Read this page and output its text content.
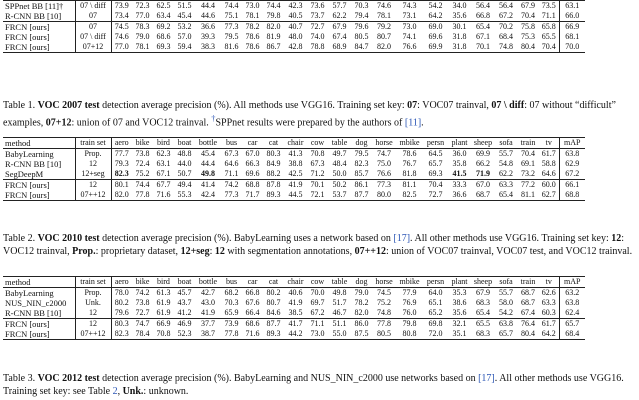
SPPnet BB [11]†	07 \ diff	73.9	72.3	62.5	51.5	44.4	74.4	73.0	74.4	42.3	73.6	57.7	70.3	74.6	74.3	54.2	34.0	56.4	56.4	67.9	73.5	63.1
R-CNN BB [10]	07	73.4	77.0	63.4	45.4	44.6	75.1	78.1	79.8	40.5	73.7	62.2	79.4	78.1	73.1	64.2	35.6	66.8	67.2	70.4	71.1	66.0
FRCN [ours]	07	74.5	78.3	69.2	53.2	36.6	77.3	78.2	82.0	40.7	72.7	67.9	79.6	79.2	73.0	69.0	30.1	65.4	70.2	75.8	65.8	66.9
FRCN [ours]	07 \ diff	74.6	79.0	68.6	57.0	39.3	79.5	78.6	81.9	48.0	74.0	67.4	80.5	80.7	74.1	69.6	31.8	67.1	68.4	75.3	65.5	68.1
FRCN [ours]	07+12	77.0	78.1	69.3	59.4	38.3	81.6	78.6	86.7	42.8	78.8	68.9	84.7	82.0	76.6	69.9	31.8	70.1	74.8	80.4	70.4	70.0

Table 1. VOC 2007 test detection average precision (%). All methods use VGG16. Training set key: 07: VOC07 trainval, 07 \ diff: 07 without “difficult” examples, 07+12: union of 07 and VOC12 trainval. †SPPnet results were prepared by the authors of [11].

method	train set	aero	bike	bird	boat	bottle	bus	car	cat	chair	cow	table	dog	horse	mbike	persn	plant	sheep	sofa	train	tv	mAP
BabyLearning	Prop.	77.7	73.8	62.3	48.8	45.4	67.3	67.0	80.3	41.3	70.8	49.7	79.5	74.7	78.6	64.5	36.0	69.9	55.7	70.4	61.7	63.8
R-CNN BB [10]	12	79.3	72.4	63.1	44.0	44.4	64.6	66.3	84.9	38.8	67.3	48.4	82.3	75.0	76.7	65.7	35.8	66.2	54.8	69.1	58.8	62.9
SegDeepM	12+seg	82.3	75.2	67.1	50.7	49.8	71.1	69.6	88.2	42.5	71.2	50.0	85.7	76.6	81.8	69.3	41.5	71.9	62.2	73.2	64.6	67.2
FRCN [ours]	12	80.1	74.4	67.7	49.4	41.4	74.2	68.8	87.8	41.9	70.1	50.2	86.1	77.3	81.1	70.4	33.3	67.0	63.3	77.2	60.0	66.1
FRCN [ours]	07++12	82.0	77.8	71.6	55.3	42.4	77.3	71.7	89.3	44.5	72.1	53.7	87.7	80.0	82.5	72.7	36.6	68.7	65.4	81.1	62.7	68.8

Table 2. VOC 2010 test detection average precision (%). BabyLearning uses a network based on [17]. All other methods use VGG16. Training set key: 12: VOC12 trainval, Prop.: proprietary dataset, 12+seg: 12 with segmentation annotations, 07++12: union of VOC07 trainval, VOC07 test, and VOC12 trainval.

method	train set	aero	bike	bird	boat	bottle	bus	car	cat	chair	cow	table	dog	horse	mbike	persn	plant	sheep	sofa	train	tv	mAP
BabyLearning	Prop.	78.0	74.2	61.3	45.7	42.7	68.2	66.8	80.2	40.6	70.0	49.8	79.0	74.5	77.9	64.0	35.3	67.9	55.7	68.7	62.6	63.2
NUS_NIN_c2000	Unk.	80.2	73.8	61.9	43.7	43.0	70.3	67.6	80.7	41.9	69.7	51.7	78.2	75.2	76.9	65.1	38.6	68.3	58.0	68.7	63.3	63.8
R-CNN BB [10]	12	79.6	72.7	61.9	41.2	41.9	65.9	66.4	84.6	38.5	67.2	46.7	82.0	74.8	76.0	65.2	35.6	65.4	54.2	67.4	60.3	62.4
FRCN [ours]	12	80.3	74.7	66.9	46.9	37.7	73.9	68.6	87.7	41.7	71.1	51.1	86.0	77.8	79.8	69.8	32.1	65.5	63.8	76.4	61.7	65.7
FRCN [ours]	07++12	82.3	78.4	70.8	52.3	38.7	77.8	71.6	89.3	44.2	73.0	55.0	87.5	80.5	80.8	72.0	35.1	68.3	65.7	80.4	64.2	68.4

Table 3. VOC 2012 test detection average precision (%). BabyLearning and NUS_NIN_c2000 use networks based on [17]. All other methods use VGG16. Training set key: see Table 2, Unk.: unknown.
